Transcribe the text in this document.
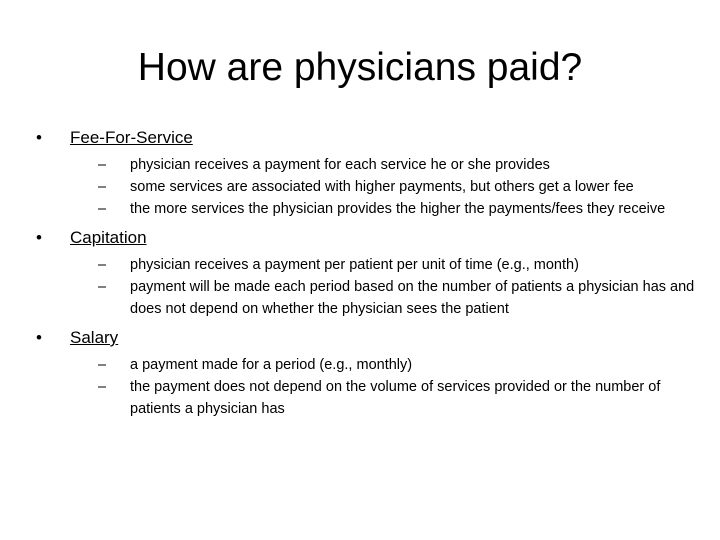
How are physicians paid?
•	Fee-For-Service
–	physician receives a payment for each service he or she provides
–	some services are associated with higher payments, but others get a lower fee
–	the more services the physician provides the higher the payments/fees they receive
•	Capitation
–	physician receives a payment per patient per unit of time (e.g., month)
–	payment will be made each period based on the number of patients a physician has and does not depend on whether the physician sees the patient
•	Salary
–	a payment made for a period (e.g., monthly)
–	the payment does not depend on the volume of services provided or the number of patients a physician has
